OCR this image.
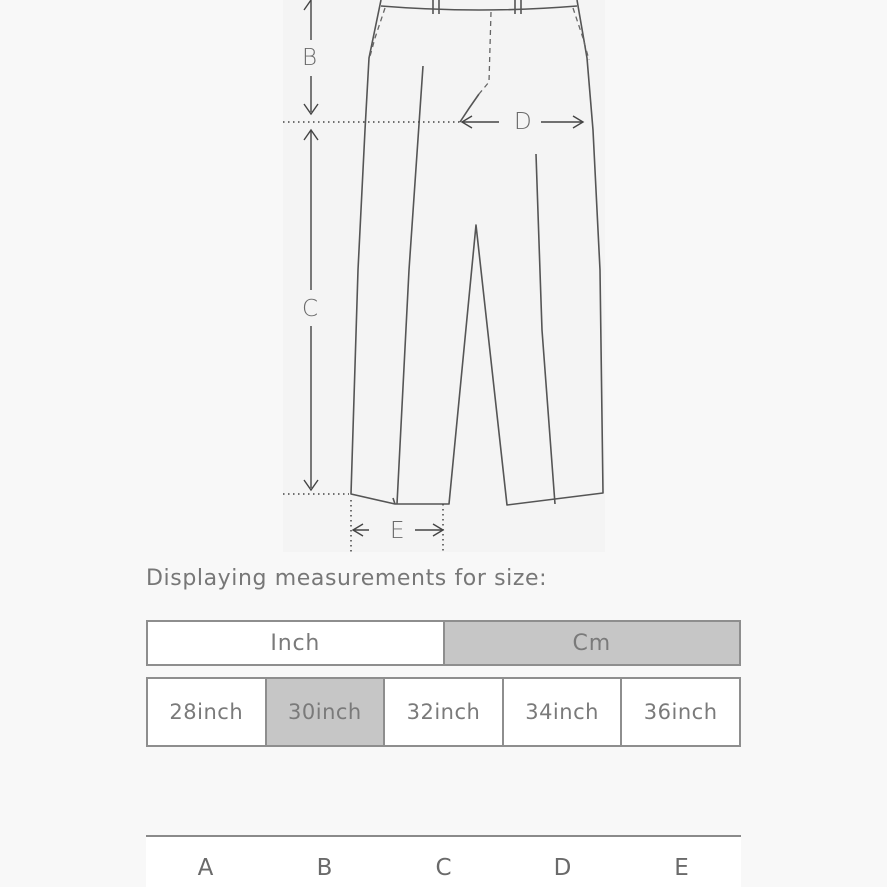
B
C
D
E
Displaying measurements for size:
Inch	Cm
28inch	30inch	32inch	34inch	36inch
A	B	C	D	E
